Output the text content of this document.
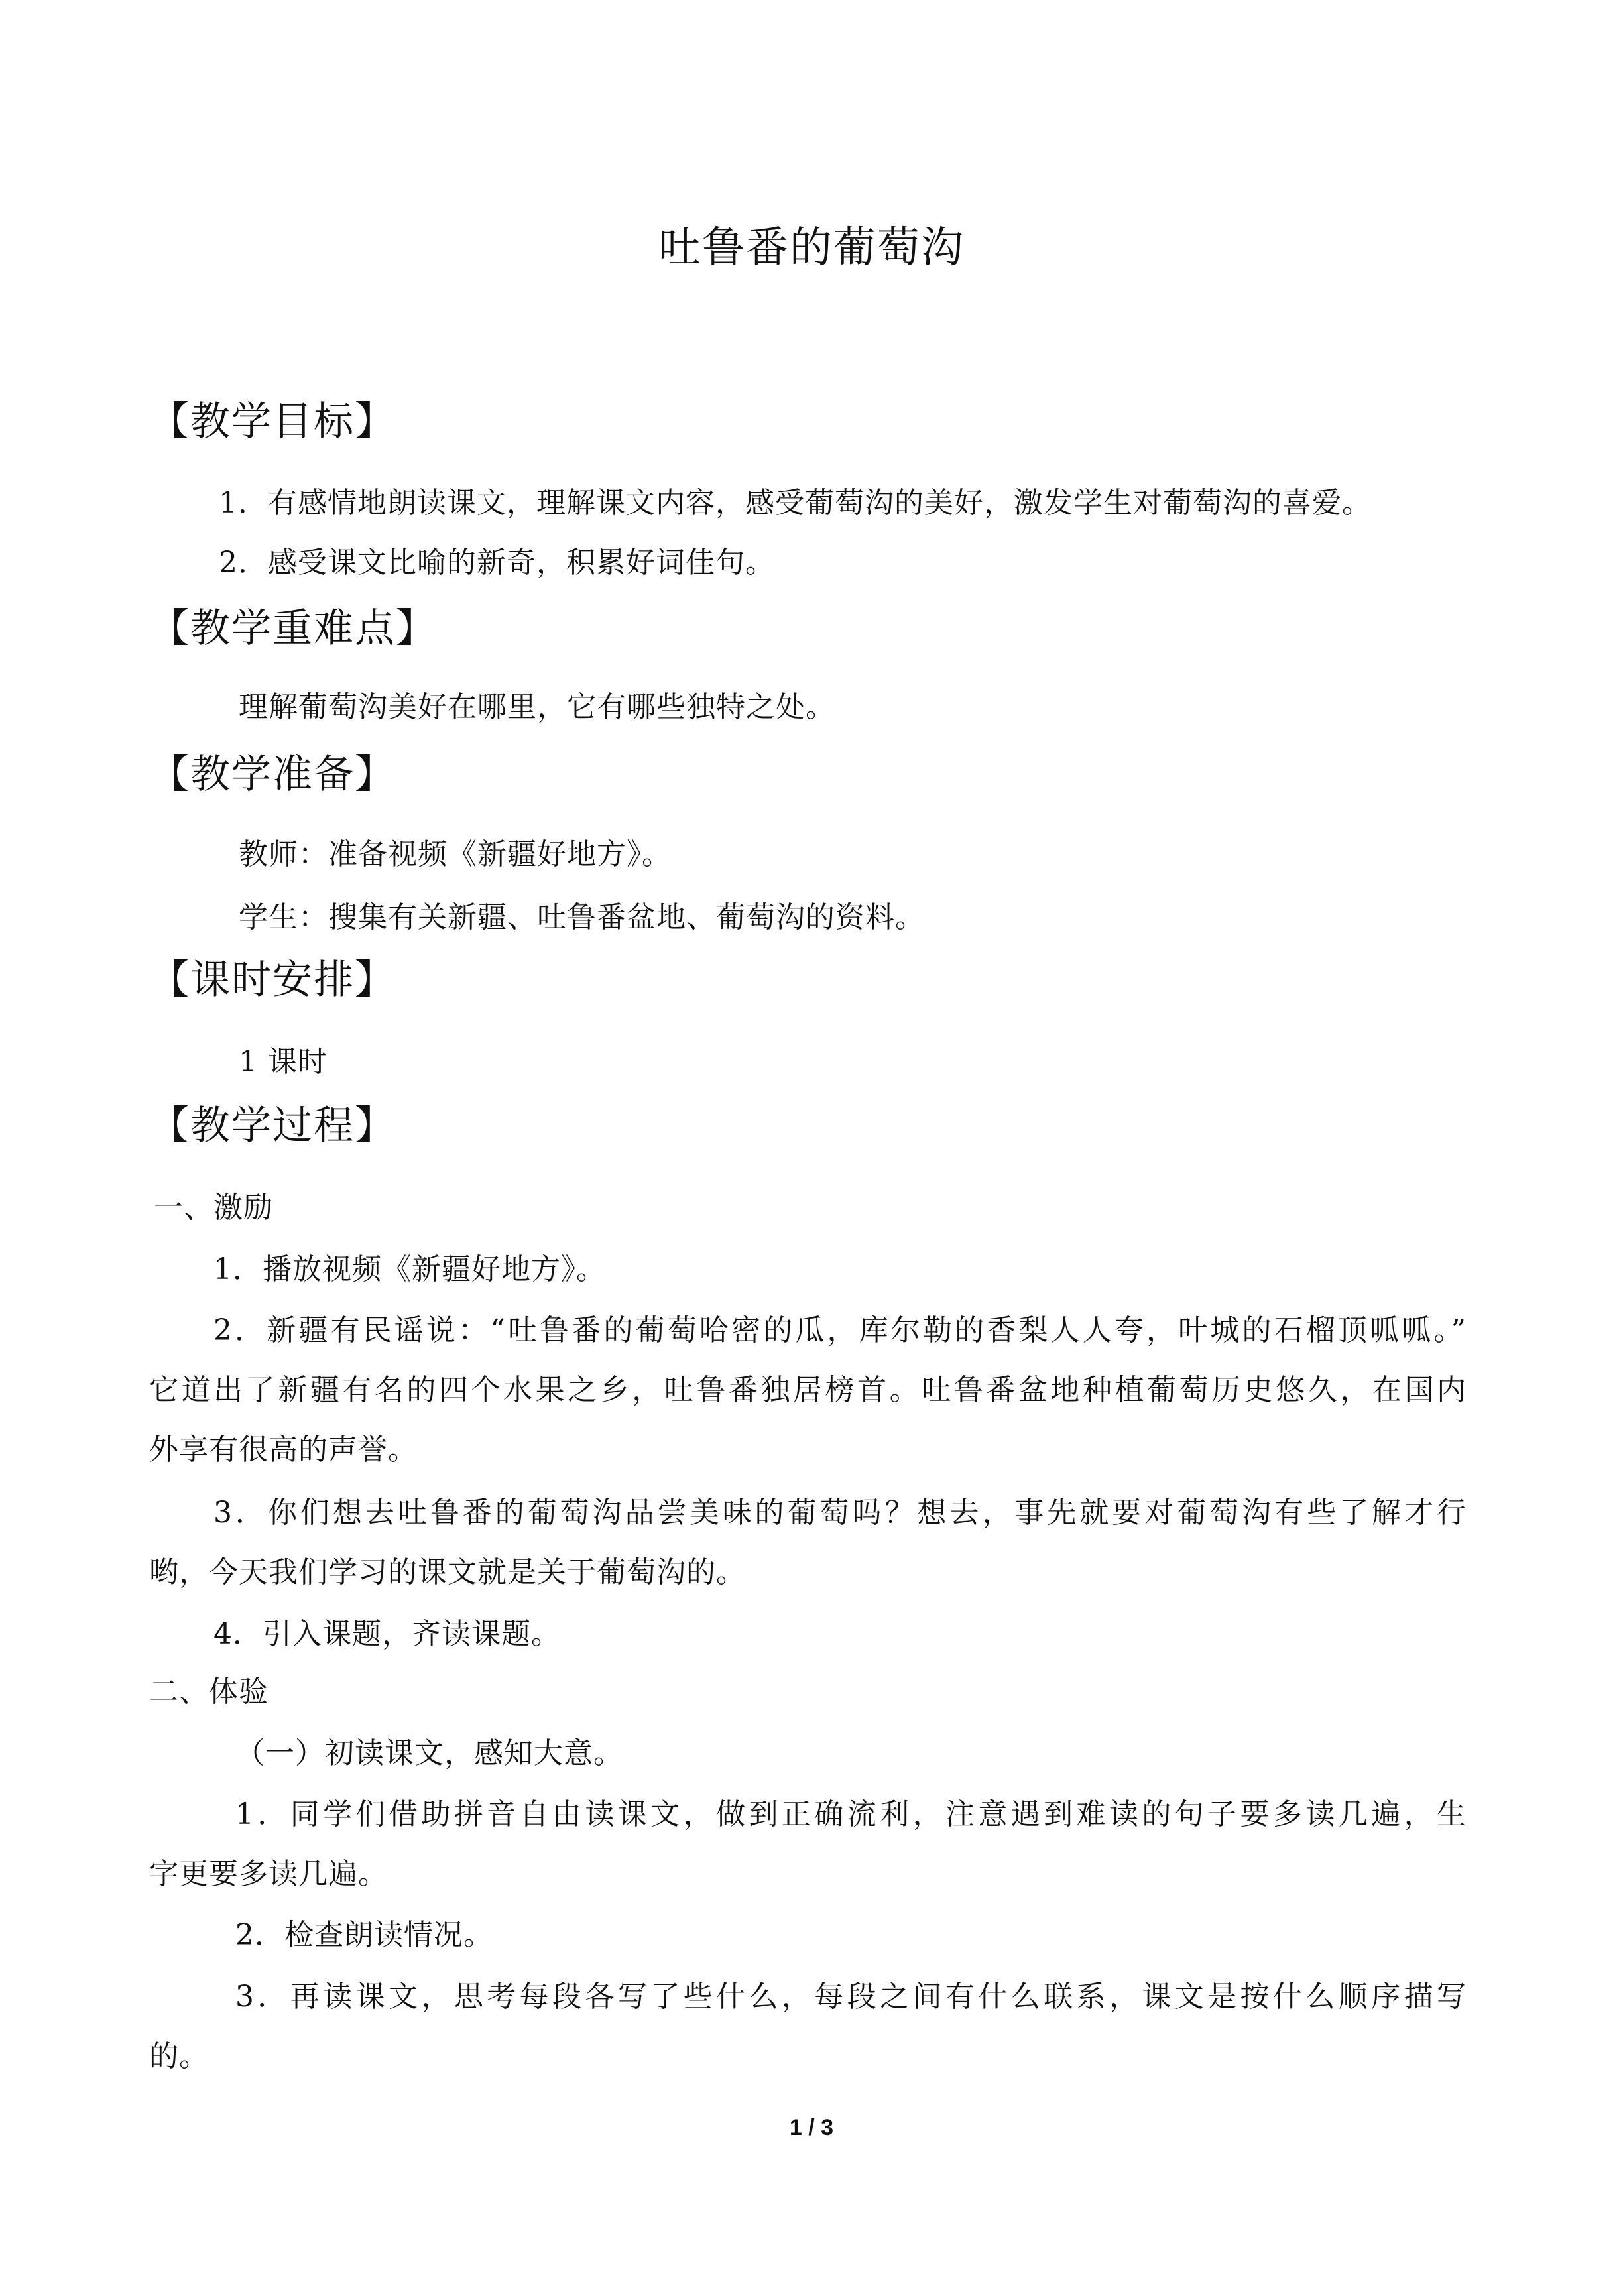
吐鲁番的葡萄沟
【教学目标】
1．有感情地朗读课文，理解课文内容，感受葡萄沟的美好，激发学生对葡萄沟的喜爱。
2．感受课文比喻的新奇，积累好词佳句。
【教学重难点】
理解葡萄沟美好在哪里，它有哪些独特之处。
【教学准备】
教师：准备视频《新疆好地方》。
学生：搜集有关新疆、吐鲁番盆地、葡萄沟的资料。
【课时安排】
1 课时
【教学过程】
一、激励
1．播放视频《新疆好地方》。
2．新疆有民谣说：“吐鲁番的葡萄哈密的瓜，库尔勒的香梨人人夸，叶城的石榴顶呱呱。”
它道出了新疆有名的四个水果之乡，吐鲁番独居榜首。吐鲁番盆地种植葡萄历史悠久，在国内
外享有很高的声誉。
3．你们想去吐鲁番的葡萄沟品尝美味的葡萄吗？想去，事先就要对葡萄沟有些了解才行
哟，今天我们学习的课文就是关于葡萄沟的。
4．引入课题，齐读课题。
二、体验
（一）初读课文，感知大意。
1．同学们借助拼音自由读课文，做到正确流利，注意遇到难读的句子要多读几遍，生
字更要多读几遍。
2．检查朗读情况。
3．再读课文，思考每段各写了些什么，每段之间有什么联系，课文是按什么顺序描写
的。
1 / 3
